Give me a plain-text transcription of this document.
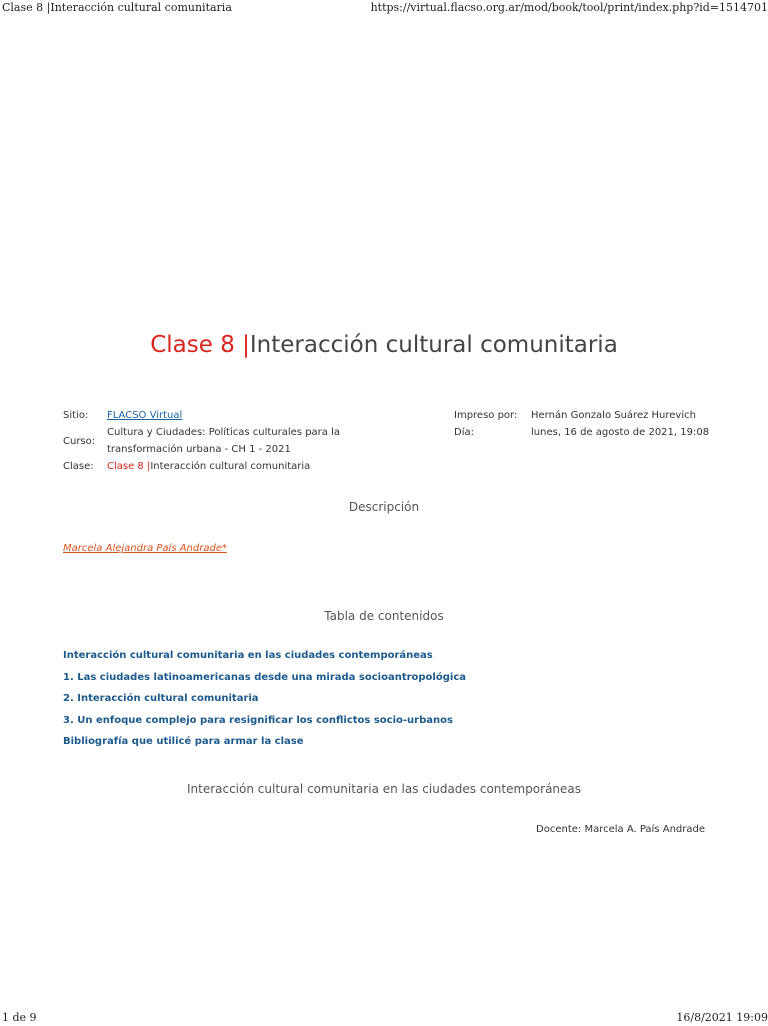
Clase 8 |Interacción cultural comunitaria	https://virtual.flacso.org.ar/mod/book/tool/print/index.php?id=1514701
Clase 8 |Interacción cultural comunitaria
Sitio:	FLACSO Virtual
Curso:
Cultura y Ciudades: Políticas culturales para la transformación urbana - CH 1 - 2021
Clase:	Clase 8 |Interacción cultural comunitaria
Impreso por:	Hernán Gonzalo Suárez Hurevich
Día:	lunes, 16 de agosto de 2021, 19:08
Descripción
Marcela Alejandra País Andrade*
Tabla de contenidos
Interacción cultural comunitaria en las ciudades contemporáneas
1. Las ciudades latinoamericanas desde una mirada socioantropológica
2. Interacción cultural comunitaria
3. Un enfoque complejo para resignificar los conflictos socio-urbanos
Bibliografía que utilicé para armar la clase
Interacción cultural comunitaria en las ciudades contemporáneas
Docente: Marcela A. País Andrade
1 de 9	16/8/2021 19:09
